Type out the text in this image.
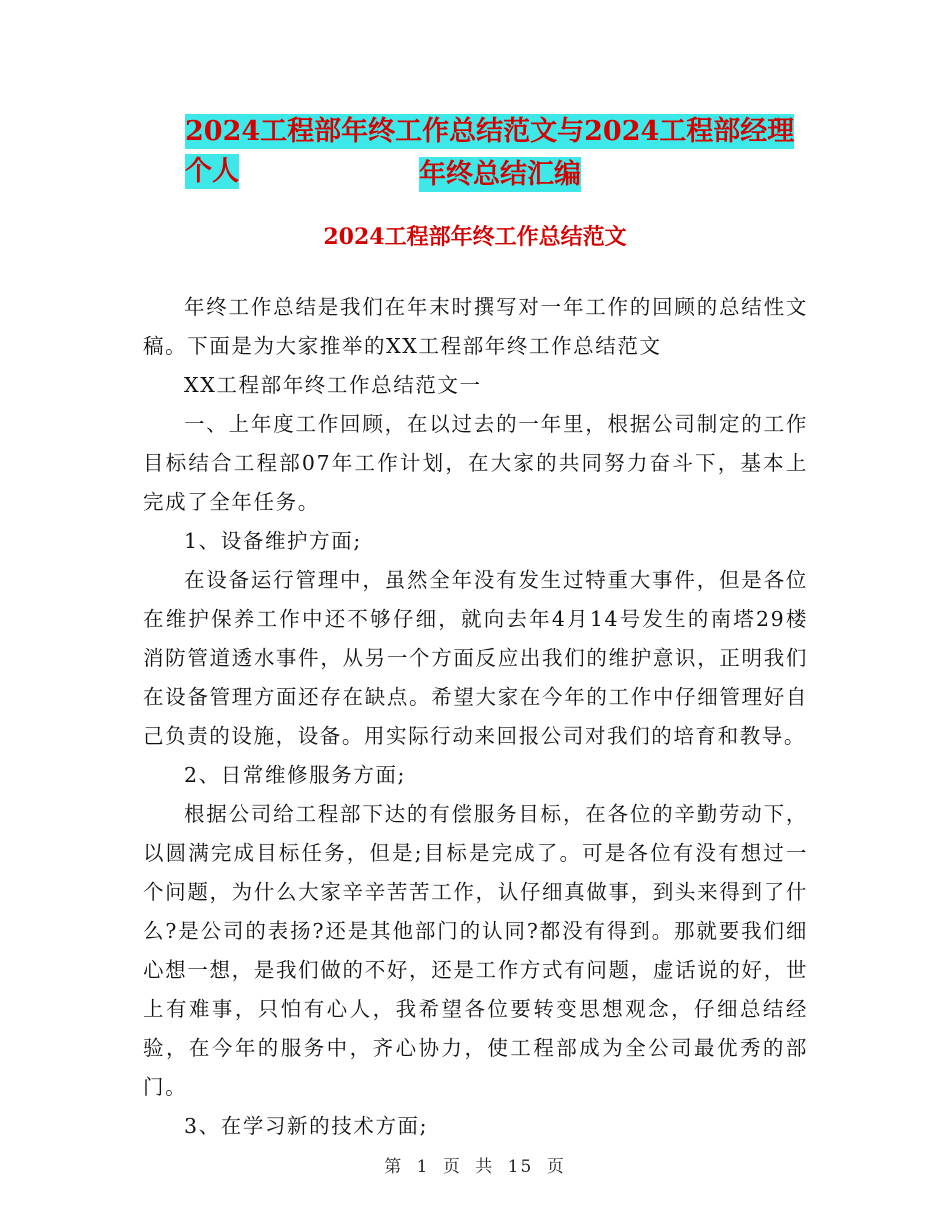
2024工程部年终工作总结范文与2024工程部经理个人	年终总结汇编
2024工程部年终工作总结范文

年终工作总结是我们在年末时撰写对一年工作的回顾的总结性文稿。下面是为大家推举的XX工程部年终工作总结范文

XX工程部年终工作总结范文一

一、上年度工作回顾，在以过去的一年里，根据公司制定的工作目标结合工程部07年工作计划，在大家的共同努力奋斗下，基本上完成了全年任务。

1、设备维护方面;

在设备运行管理中，虽然全年没有发生过特重大事件，但是各位在维护保养工作中还不够仔细，就向去年4月14号发生的南塔29楼消防管道透水事件，从另一个方面反应出我们的维护意识，正明我们在设备管理方面还存在缺点。希望大家在今年的工作中仔细管理好自己负责的设施，设备。用实际行动来回报公司对我们的培育和教导。

2、日常维修服务方面;

根据公司给工程部下达的有偿服务目标，在各位的辛勤劳动下，以圆满完成目标任务，但是;目标是完成了。可是各位有没有想过一个问题，为什么大家辛辛苦苦工作，认仔细真做事，到头来得到了什么?是公司的表扬?还是其他部门的认同?都没有得到。那就要我们细心想一想，是我们做的不好，还是工作方式有问题，虚话说的好，世上有难事，只怕有心人，我希望各位要转变思想观念，仔细总结经验，在今年的服务中，齐心协力，使工程部成为全公司最优秀的部门。

3、在学习新的技术方面;

第 1 页 共 15 页
